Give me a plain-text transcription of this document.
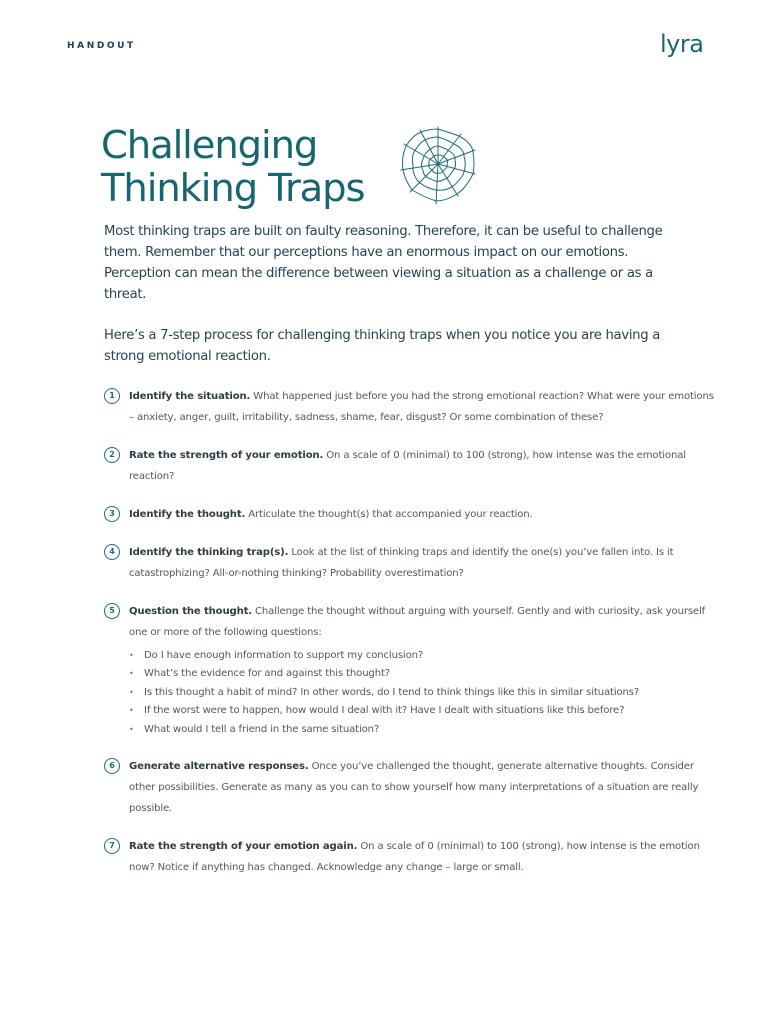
HANDOUT	lyra
Challenging
Thinking Traps

Most thinking traps are built on faulty reasoning. Therefore, it can be useful to challenge them. Remember that our perceptions have an enormous impact on our emotions. Perception can mean the difference between viewing a situation as a challenge or as a threat.

Here’s a 7-step process for challenging thinking traps when you notice you are having a strong emotional reaction.

1	Identify the situation. What happened just before you had the strong emotional reaction? What were your emotions – anxiety, anger, guilt, irritability, sadness, shame, fear, disgust? Or some combination of these?
2	Rate the strength of your emotion. On a scale of 0 (minimal) to 100 (strong), how intense was the emotional reaction?
3	Identify the thought. Articulate the thought(s) that accompanied your reaction.
4	Identify the thinking trap(s). Look at the list of thinking traps and identify the one(s) you’ve fallen into. Is it catastrophizing? All-or-nothing thinking? Probability overestimation?
5	Question the thought. Challenge the thought without arguing with yourself. Gently and with curiosity, ask yourself one or more of the following questions:
• Do I have enough information to support my conclusion?
• What’s the evidence for and against this thought?
• Is this thought a habit of mind? In other words, do I tend to think things like this in similar situations?
• If the worst were to happen, how would I deal with it? Have I dealt with situations like this before?
• What would I tell a friend in the same situation?
6	Generate alternative responses. Once you’ve challenged the thought, generate alternative thoughts. Consider other possibilities. Generate as many as you can to show yourself how many interpretations of a situation are really possible.
7	Rate the strength of your emotion again. On a scale of 0 (minimal) to 100 (strong), how intense is the emotion now? Notice if anything has changed. Acknowledge any change – large or small.
